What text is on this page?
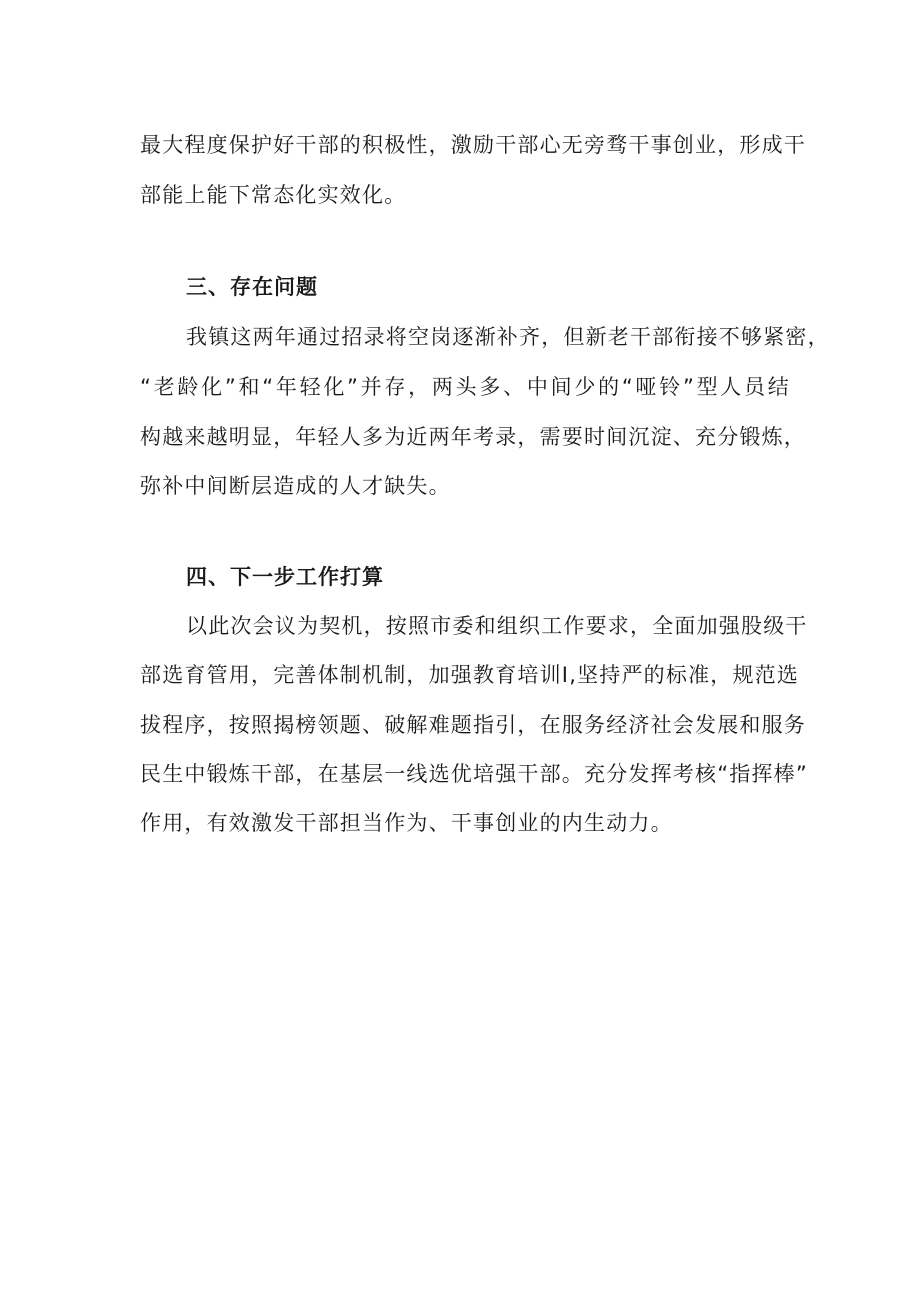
最大程度保护好干部的积极性，激励干部心无旁骛干事创业，形成干
部能上能下常态化实效化。
三、存在问题
我镇这两年通过招录将空岗逐渐补齐，但新老干部衔接不够紧密，
“老龄化”和“年轻化”并存，两头多、中间少的“哑铃”型人员结
构越来越明显，年轻人多为近两年考录，需要时间沉淀、充分锻炼，
弥补中间断层造成的人才缺失。
四、下一步工作打算
以此次会议为契机，按照市委和组织工作要求，全面加强股级干
部选育管用，完善体制机制，加强教育培训I,坚持严的标准，规范选
拔程序，按照揭榜领题、破解难题指引，在服务经济社会发展和服务
民生中锻炼干部，在基层一线选优培强干部。充分发挥考核“指挥棒”
作用，有效激发干部担当作为、干事创业的内生动力。
